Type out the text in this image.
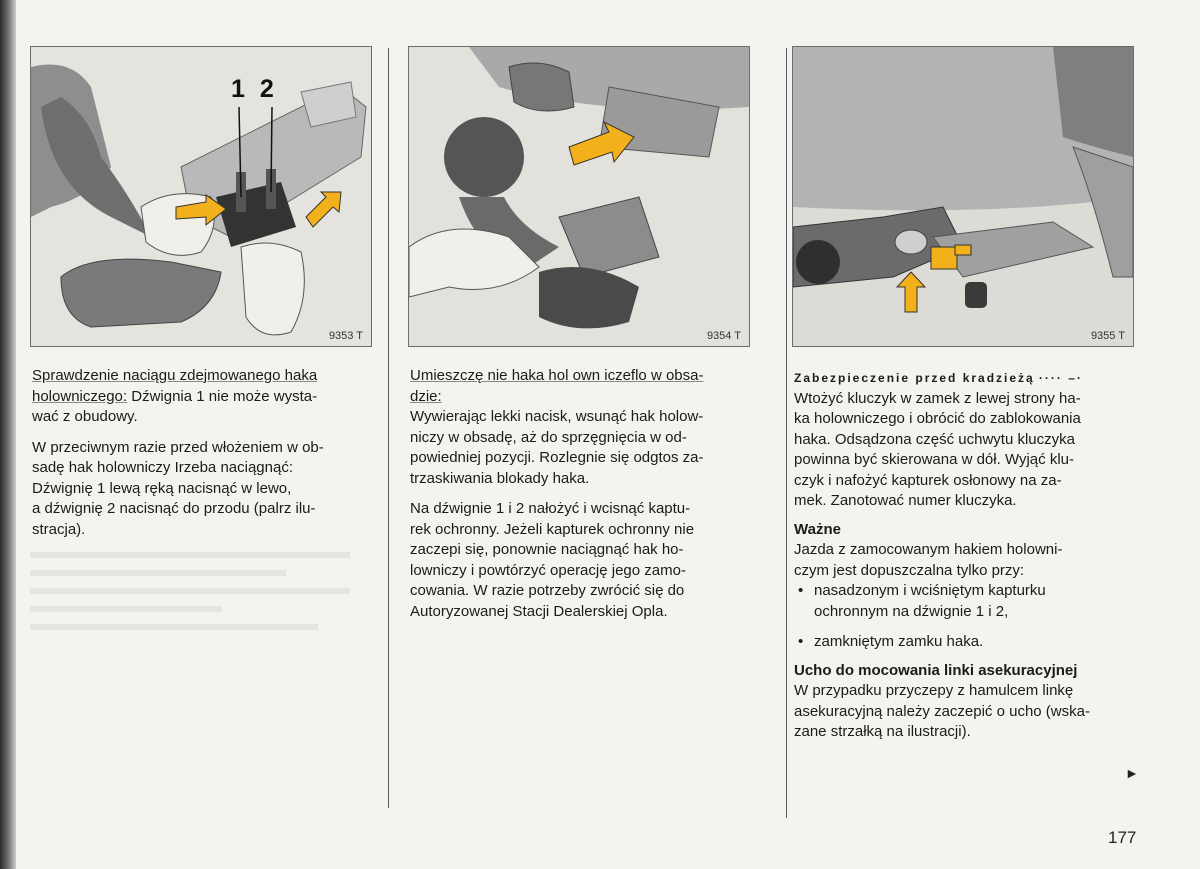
1 2
9353 T	9354 T	9355 T

Sprawdzenie naciągu zdejmowanego haka

holowniczego: Dźwignia 1 nie może wysta-

wać z obudowy.

W przeciwnym razie przed włożeniem w ob-

sadę hak holowniczy Irzeba naciągnąć:

Dźwignię 1 lewą ręką nacisnąć w lewo,

a dźwignię 2 nacisnąć do przodu (palrz ilu-

stracja).

Umieszczę nie haka hol own iczeflo w obsa-

dzie:

Wywierając lekki nacisk, wsunąć hak holow-

niczy w obsadę, aż do sprzęgnięcia w od-

powiedniej pozycji. Rozlegnie się odgtos za-

trzaskiwania blokady haka.

Na dźwignie 1 i 2 nałożyć i wcisnąć kaptu-

rek ochronny. Jeżeli kapturek ochronny nie

zaczepi się, ponownie naciągnąć hak ho-

lowniczy i powtórzyć operację jego zamo-

cowania. W razie potrzeby zwrócić się do

Autoryzowanej Stacji Dealerskiej Opla.

Zabezpieczenie przed kradzieżą ···· –·

Wtożyć kluczyk w zamek z lewej strony ha-

ka holowniczego i obrócić do zablokowania

haka. Odsądzona część uchwytu kluczyka

powinna być skierowana w dół. Wyjąć klu-

czyk i nafożyć kapturek osłonowy na za-

mek. Zanotować numer kluczyka.

Ważne

Jazda z zamocowanym hakiem holowni-

czym jest dopuszczalna tylko przy:

• nasadzonym i wciśniętym kapturku

ochronnym na dźwignie 1 i 2,

• zamkniętym zamku haka.

Ucho do mocowania linki asekuracyjnej

W przypadku przyczepy z hamulcem linkę

asekuracyjną należy zaczepić o ucho (wska-

zane strzałką na ilustracji).

►
177
